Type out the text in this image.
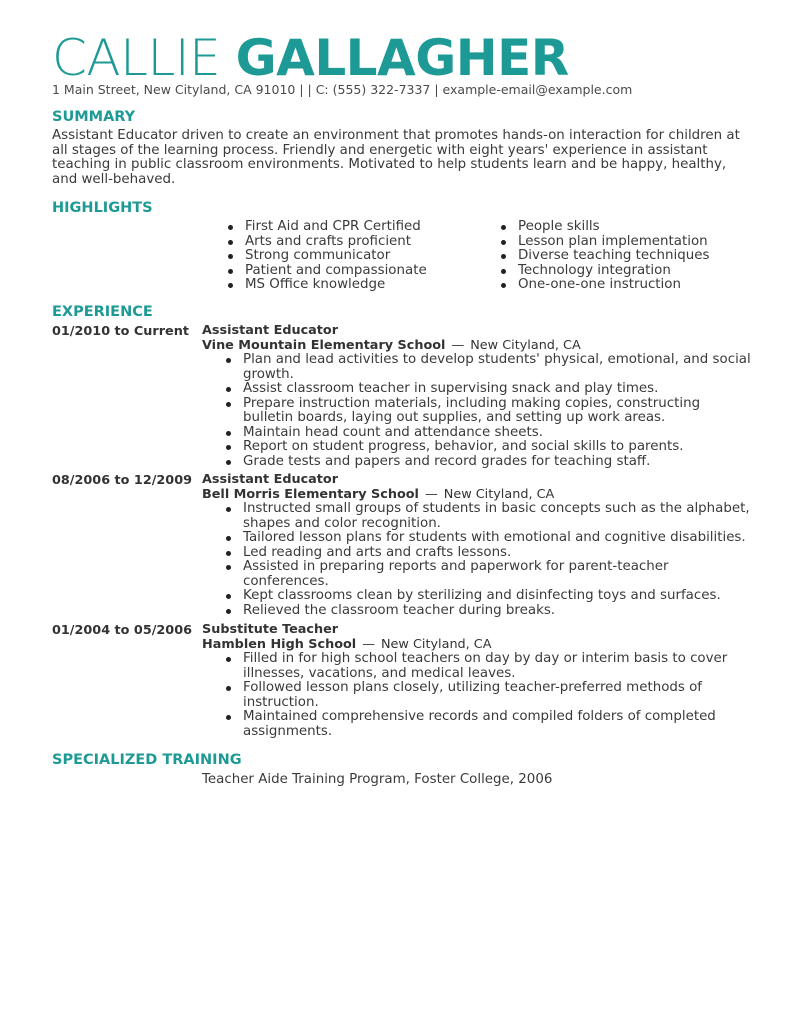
CALLIE GALLAGHER
1 Main Street, New Cityland, CA 91010 | | C: (555) 322-7337 | example-email@example.com
SUMMARY
Assistant Educator driven to create an environment that promotes hands-on interaction for children at all stages of the learning process. Friendly and energetic with eight years' experience in assistant teaching in public classroom environments. Motivated to help students learn and be happy, healthy, and well-behaved.
HIGHLIGHTS
First Aid and CPR Certified
Arts and crafts proficient
Strong communicator
Patient and compassionate
MS Office knowledge
People skills
Lesson plan implementation
Diverse teaching techniques
Technology integration
One-one-one instruction
EXPERIENCE
01/2010 to Current Assistant Educator
Vine Mountain Elementary School — New Cityland, CA
Plan and lead activities to develop students' physical, emotional, and social growth.
Assist classroom teacher in supervising snack and play times.
Prepare instruction materials, including making copies, constructing bulletin boards, laying out supplies, and setting up work areas.
Maintain head count and attendance sheets.
Report on student progress, behavior, and social skills to parents.
Grade tests and papers and record grades for teaching staff.
08/2006 to 12/2009 Assistant Educator
Bell Morris Elementary School — New Cityland, CA
Instructed small groups of students in basic concepts such as the alphabet, shapes and color recognition.
Tailored lesson plans for students with emotional and cognitive disabilities.
Led reading and arts and crafts lessons.
Assisted in preparing reports and paperwork for parent-teacher conferences.
Kept classrooms clean by sterilizing and disinfecting toys and surfaces.
Relieved the classroom teacher during breaks.
01/2004 to 05/2006 Substitute Teacher
Hamblen High School — New Cityland, CA
Filled in for high school teachers on day by day or interim basis to cover illnesses, vacations, and medical leaves.
Followed lesson plans closely, utilizing teacher-preferred methods of instruction.
Maintained comprehensive records and compiled folders of completed assignments.
SPECIALIZED TRAINING
Teacher Aide Training Program, Foster College, 2006
